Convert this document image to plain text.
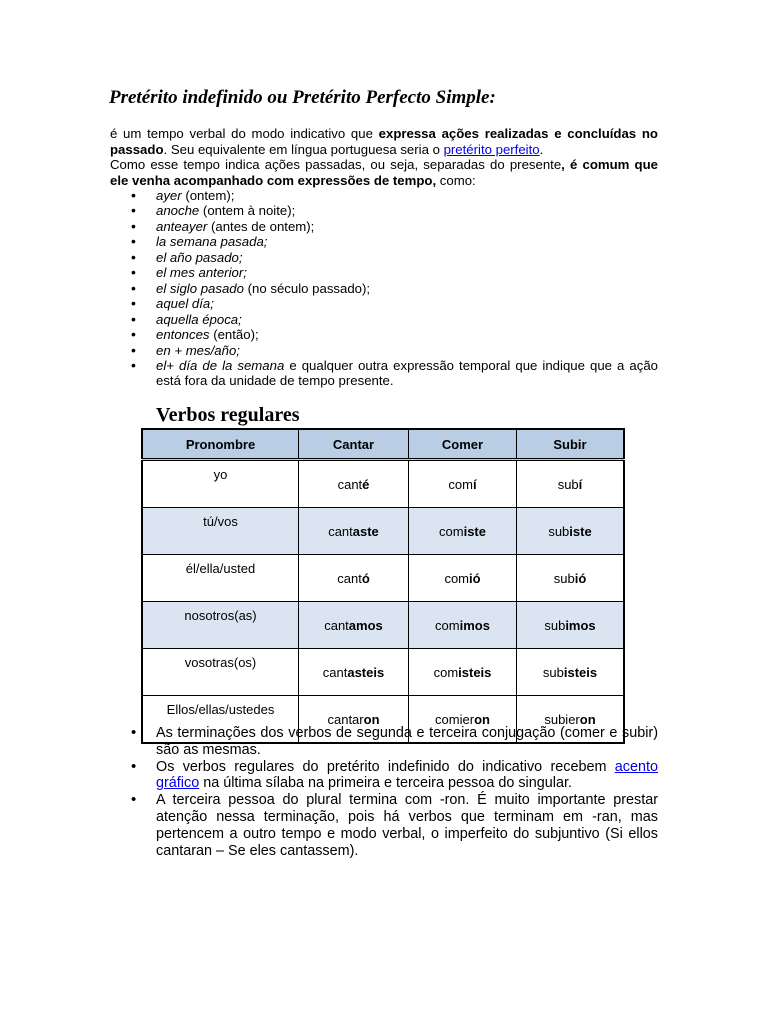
Pretérito indefinido ou Pretérito Perfecto Simple:

é um tempo verbal do modo indicativo que expressa ações realizadas e concluídas no passado. Seu equivalente em língua portuguesa seria o pretérito perfeito.

Como esse tempo indica ações passadas, ou seja, separadas do presente, é comum que ele venha acompanhado com expressões de tempo, como:

• ayer (ontem);
• anoche (ontem à noite);
• anteayer (antes de ontem);
• la semana pasada;
• el año pasado;
• el mes anterior;
• el siglo pasado (no século passado);
• aquel día;
• aquella época;
• entonces (então);
• en + mes/año;
• el+ día de la semana e qualquer outra expressão temporal que indique que a ação está fora da unidade de tempo presente.
Verbos regulares
Pronombre	Cantar	Comer	Subir
yo	canté	comí	subí
tú/vos	cantaste	comiste	subiste
él/ella/usted	cantó	comió	subió
nosotros(as)	cantamos	comimos	subimos
vosotras(os)	cantasteis	comisteis	subisteis
Ellos/ellas/ustedes	cantaron	comieron	subieron
• As terminações dos verbos de segunda e terceira conjugação (comer e subir) são as mesmas.
• Os verbos regulares do pretérito indefinido do indicativo recebem acento gráfico na última sílaba na primeira e terceira pessoa do singular.
• A terceira pessoa do plural termina com -ron. É muito importante prestar atenção nessa terminação, pois há verbos que terminam em -ran, mas pertencem a outro tempo e modo verbal, o imperfeito do subjuntivo (Si ellos cantaran – Se eles cantassem).
